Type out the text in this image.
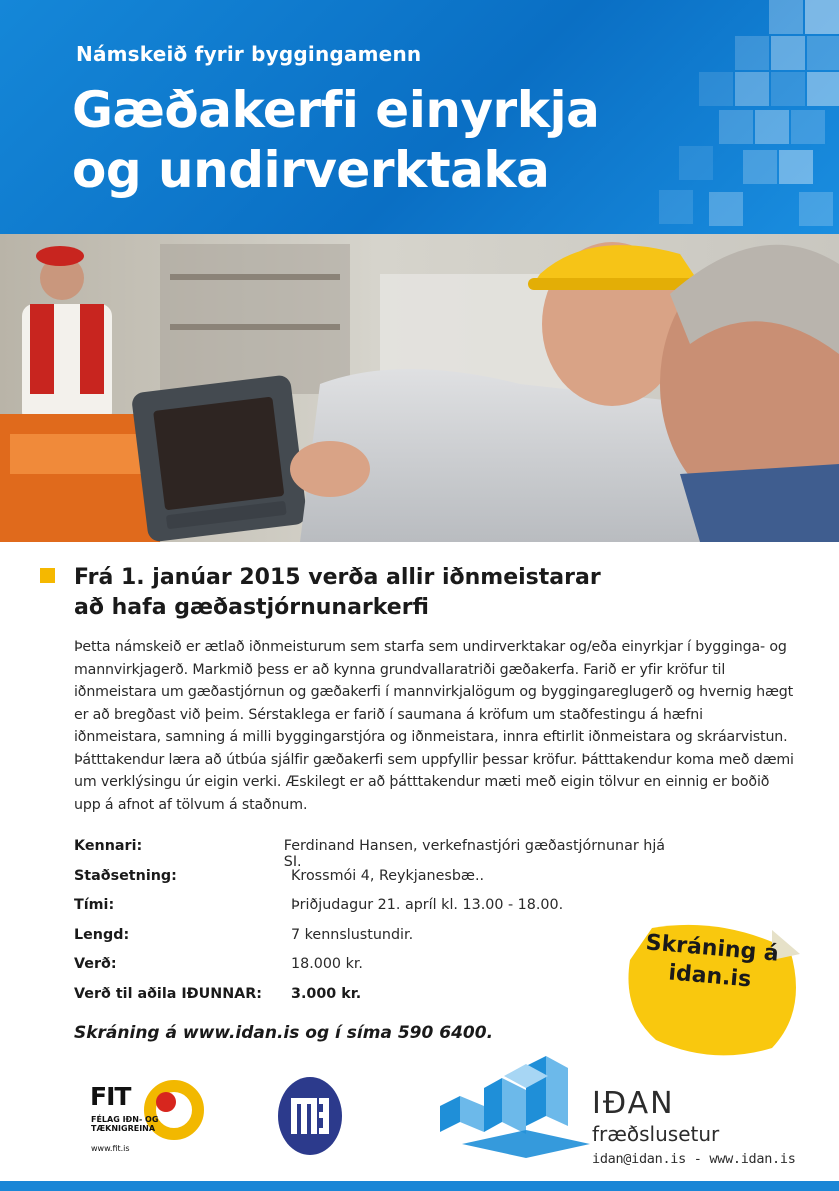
Námskeið fyrir byggingamenn
Gæðakerfi einyrkja
og undirverktaka
Frá 1. janúar 2015 verða allir iðnmeistarar
að hafa gæðastjórnunarkerfi
Þetta námskeið er ætlað iðnmeisturum sem starfa sem undirverktakar og/eða einyrkjar í bygginga- og mannvirkjagerð. Markmið þess er að kynna grundvallaratriði gæðakerfa. Farið er yfir kröfur til iðnmeistara um gæðastjórnun og gæðakerfi í mannvirkjalögum og byggingareglugerð og hvernig hægt er að bregðast við þeim. Sérstaklega er farið í saumana á kröfum um staðfestingu á hæfni iðnmeistara, samning á milli byggingarstjóra og iðnmeistara, innra eftirlit iðnmeistara og skráarvistun. Þátttakendur læra að útbúa sjálfir gæðakerfi sem uppfyllir þessar kröfur. Þátttakendur koma með dæmi um verklýsingu úr eigin verki. Æskilegt er að þátttakendur mæti með eigin tölvur en einnig er boðið upp á afnot af tölvum á staðnum.
Kennari:	Ferdinand Hansen, verkefnastjóri gæðastjórnunar hjá SI.
Staðsetning:	Krossmói 4, Reykjanesbæ..
Tími:	Þriðjudagur 21. apríl kl. 13.00 - 18.00.
Lengd:	7 kennslustundir.
Verð:	18.000 kr.
Verð til aðila IÐUNNAR:	3.000 kr.
Skráning á www.idan.is og í síma 590 6400.
Skráning á
idan.is
FIT
FÉLAG IÐN- OG TÆKNIGREINA
www.fit.is
IÐAN
fræðslusetur
idan@idan.is - www.idan.is
